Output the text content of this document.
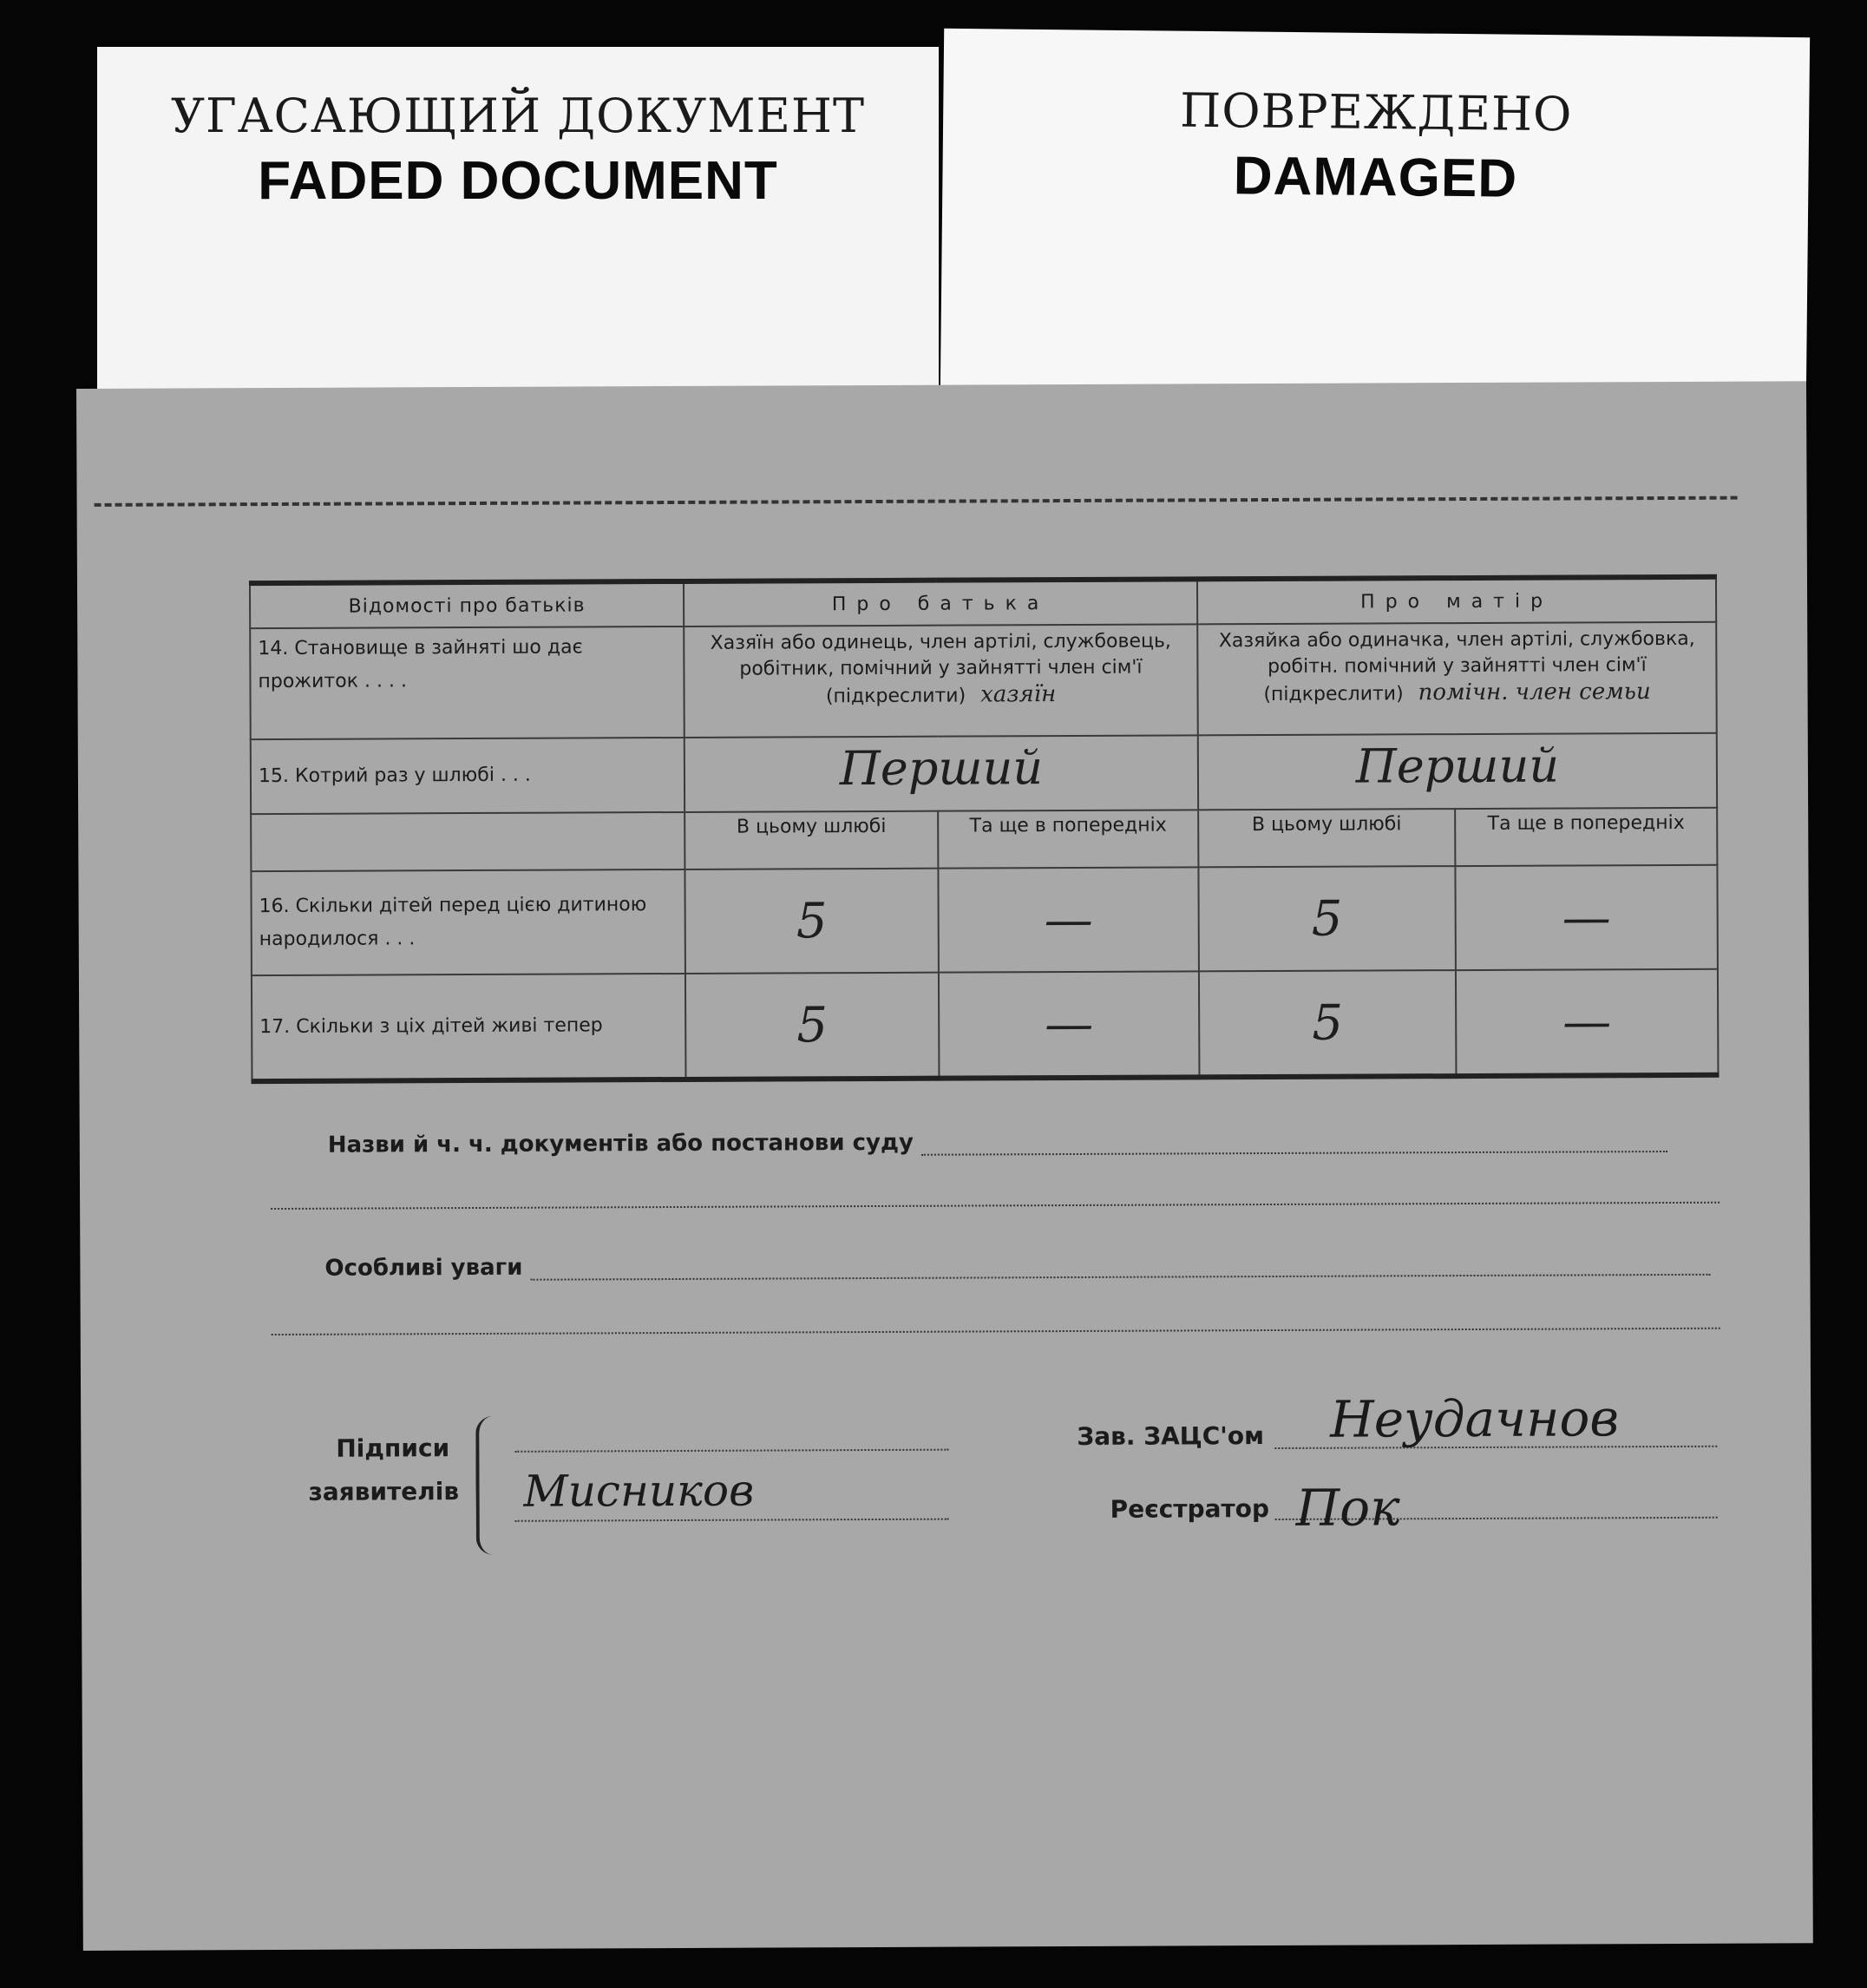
УГАСАЮЩИЙ ДОКУМЕНТ
FADED DOCUMENT
ПОВРЕЖДЕНО
DAMAGED
Відомості про батьків	Про батька		Про матір	
14. Становище в зайняті шо дає прожиток . . . .	Хазяїн або одинець, член артілі, службовець, робітник, помічний у зайнятті член сім'ї (підкреслити) хазяїн		Хазяйка або одиначка, член артілі, службовка, робітн. помічний у зайнятті член сім'ї (підкреслити) помічн. член семьи	
15. Котрий раз у шлюбі . . .	Перший		Перший	
	В цьому шлюбі	Та ще в попередніх	В цьому шлюбі	Та ще в попередніх
16. Скільки дітей перед цією дитиною народилося . . .	5	—	5	—
17. Скільки з ціх дітей живі тепер	5	—	5	—
Назви й ч. ч. документів або постанови суду
Особливі уваги
Підписи
заявителів Мисников
Зав. ЗАЦС'ом Неудачнов
Реєстратор Пок
